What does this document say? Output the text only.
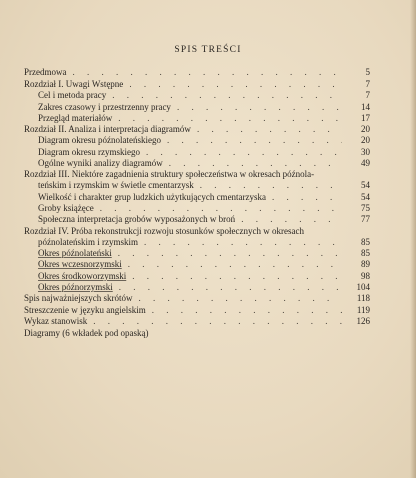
SPIS TREŚCI
Przedmowa . . .	5
Rozdział I. Uwagi Wstępne . . .	7
Cel i metoda pracy . . .	7
Zakres czasowy i przestrzenny pracy . . .	14
Przegląd materiałów . . .	17
Rozdział II. Analiza i interpretacja diagramów . . .	20
Diagram okresu późnolateńskiego . . .	20
Diagram okresu rzymskiego . . .	30
Ogólne wyniki analizy diagramów . . .	49
Rozdział III. Niektóre zagadnienia struktury społeczeństwa w okresach późnola-
teńskim i rzymskim w świetle cmentarzysk . . .	54
Wielkość i charakter grup ludzkich użytkujących cmentarzyska . . .	54
Groby książęce . . .	75
Społeczna interpretacja grobów wyposażonych w broń . . .	77
Rozdział IV. Próba rekonstrukcji rozwoju stosunków społecznych w okresach
późnolateńskim i rzymskim . . .	85
Okres późnolateński . . .	85
Okres wczesnorzymski . . .	89
Okres środkoworzymski . . .	98
Okres późnorzymski . . .	104
Spis najważniejszych skrótów . . .	118
Streszczenie w języku angielskim . . .	119
Wykaz stanowisk . . .	126
Diagramy (6 wkładek pod opaską)
